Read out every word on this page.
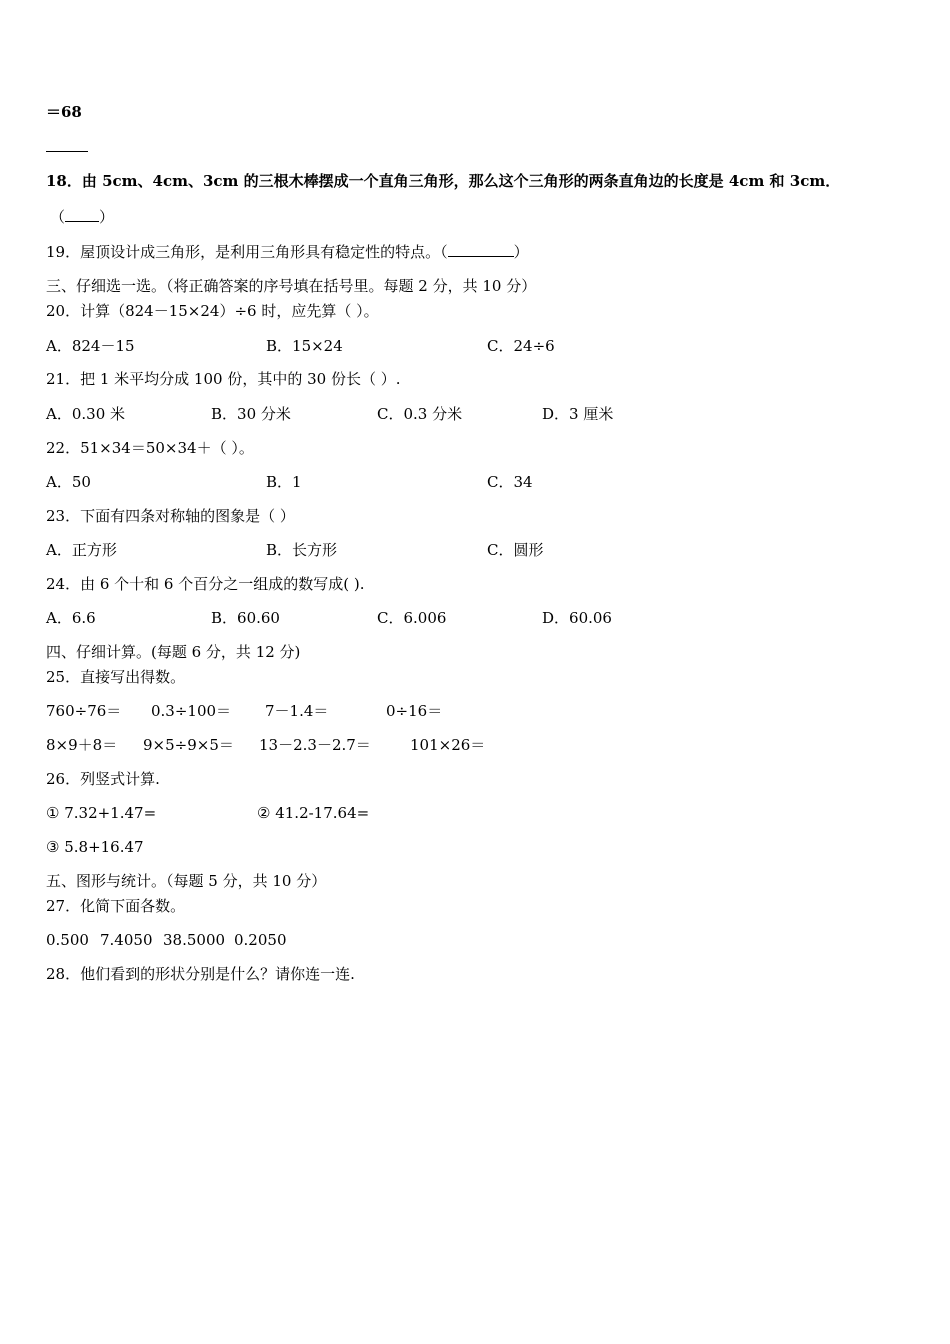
＝68
18．由 5cm、4cm、3cm 的三根木棒摆成一个直角三角形，那么这个三角形的两条直角边的长度是 4cm 和 3cm．
（ ）
19．屋顶设计成三角形，是利用三角形具有稳定性的特点。（	）
三、仔细选一选。（将正确答案的序号填在括号里。每题 2 分，共 10 分）
20．计算（824－15×24）÷6 时，应先算（ ）。
A．824－15	B．15×24	C．24÷6
21．把 1 米平均分成 100 份，其中的 30 份长（ ）.
A．0.30 米	B．30 分米	C．0.3 分米	D．3 厘米
22．51×34＝50×34＋（ ）。
A．50	B．1	C．34
23．下面有四条对称轴的图象是（ ）
A．正方形	B．长方形	C．圆形
24．由 6 个十和 6 个百分之一组成的数写成( ).
A．6.6	B．60.60	C．6.006	D．60.06
四、仔细计算。(每题 6 分，共 12 分)
25．直接写出得数。
760÷76＝ 0.3÷100＝ 7－1.4＝	0÷16＝
8×9＋8＝ 9×5÷9×5＝ 13－2.3－2.7＝	101×26＝
26．列竖式计算.
① 7.32+1.47=	② 41.2-17.64=
③ 5.8+16.47
五、图形与统计。（每题 5 分，共 10 分）
27．化简下面各数。
0.500 7.4050 38.5000 0.2050
28．他们看到的形状分别是什么？请你连一连.
